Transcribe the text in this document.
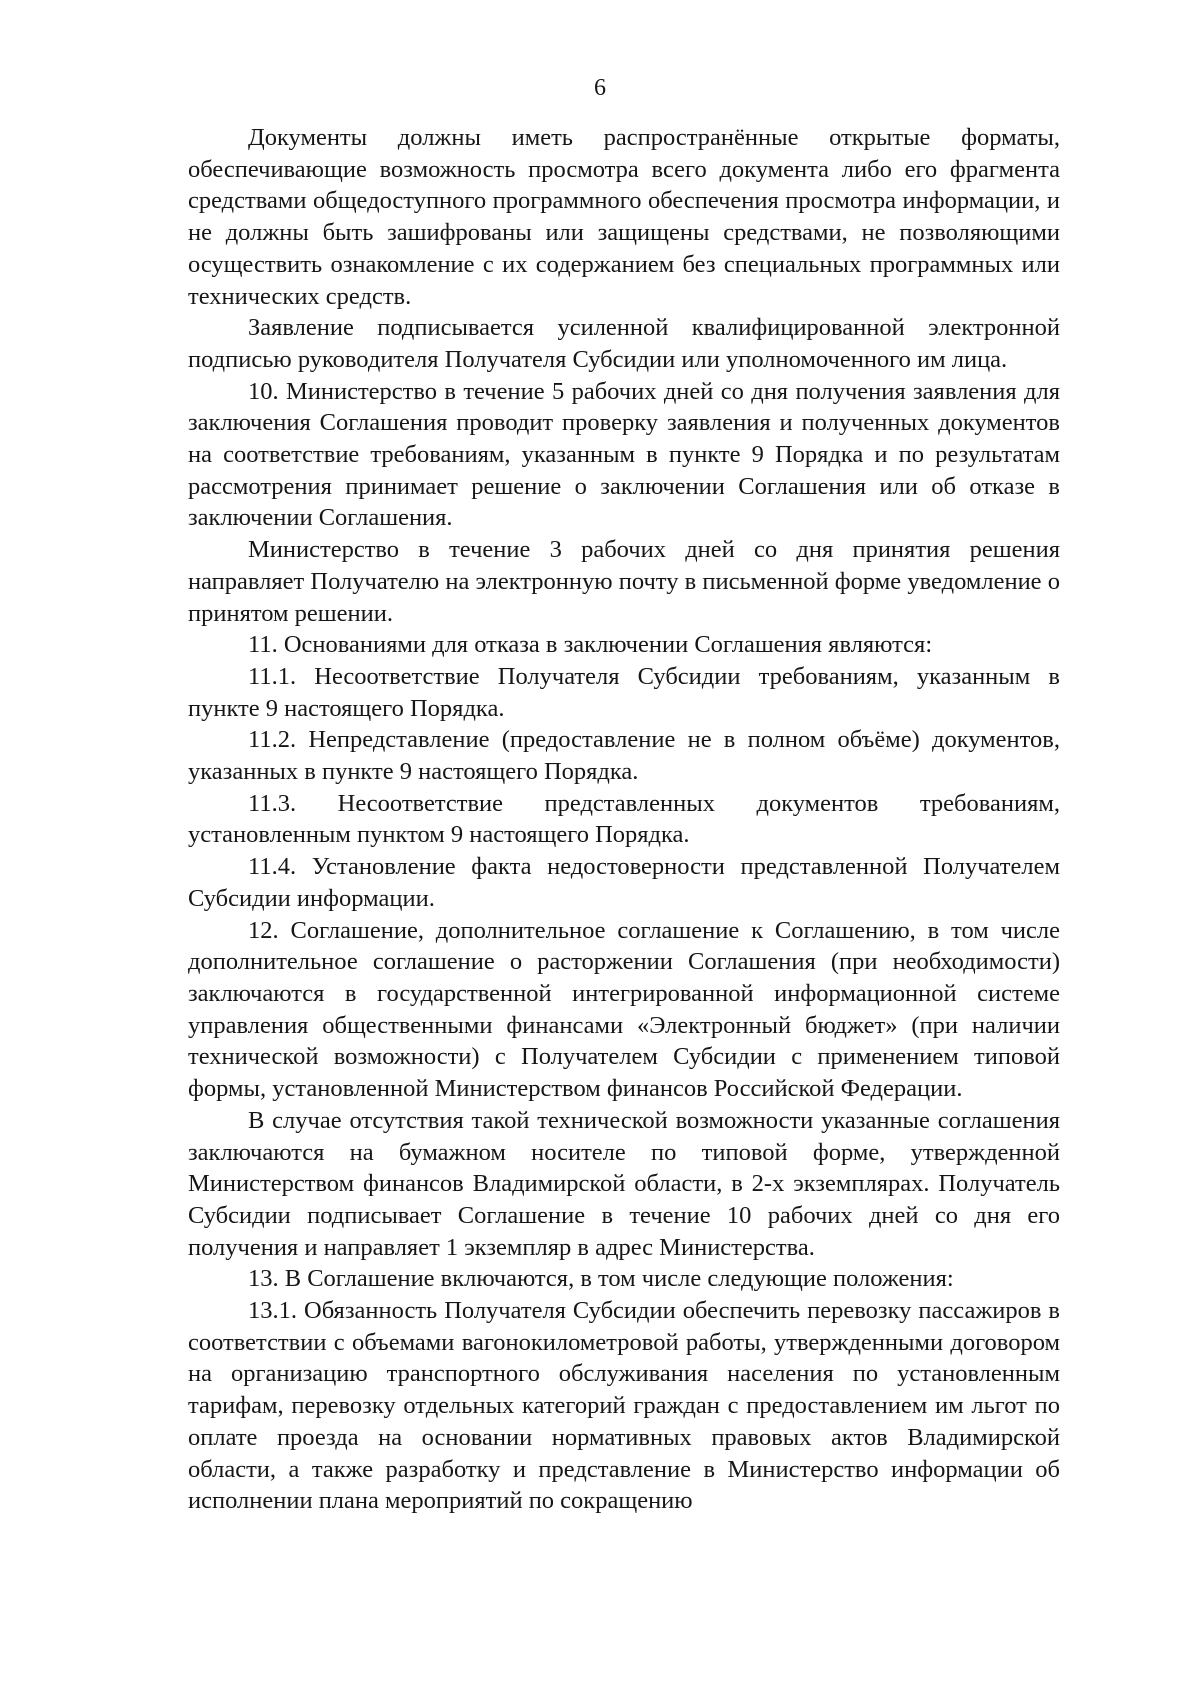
6

Документы должны иметь распространённые открытые форматы, обеспечивающие возможность просмотра всего документа либо его фрагмента средствами общедоступного программного обеспечения просмотра информации, и не должны быть зашифрованы или защищены средствами, не позволяющими осуществить ознакомление с их содержанием без специальных программных или технических средств.

Заявление подписывается усиленной квалифицированной электронной подписью руководителя Получателя Субсидии или уполномоченного им лица.

10. Министерство в течение 5 рабочих дней со дня получения заявления для заключения Соглашения проводит проверку заявления и полученных документов на соответствие требованиям, указанным в пункте 9 Порядка и по результатам рассмотрения принимает решение о заключении Соглашения или об отказе в заключении Соглашения.

Министерство в течение 3 рабочих дней со дня принятия решения направляет Получателю на электронную почту в письменной форме уведомление о принятом решении.

11. Основаниями для отказа в заключении Соглашения являются:

11.1. Несоответствие Получателя Субсидии требованиям, указанным в пункте 9 настоящего Порядка.

11.2. Непредставление (предоставление не в полном объёме) документов, указанных в пункте 9 настоящего Порядка.

11.3. Несоответствие представленных документов требованиям, установленным пунктом 9 настоящего Порядка.

11.4. Установление факта недостоверности представленной Получателем Субсидии информации.

12. Соглашение, дополнительное соглашение к Соглашению, в том числе дополнительное соглашение о расторжении Соглашения (при необходимости) заключаются в государственной интегрированной информационной системе управления общественными финансами «Электронный бюджет» (при наличии технической возможности) с Получателем Субсидии с применением типовой формы, установленной Министерством финансов Российской Федерации.

В случае отсутствия такой технической возможности указанные соглашения заключаются на бумажном носителе по типовой форме, утвержденной Министерством финансов Владимирской области, в 2-х экземплярах. Получатель Субсидии подписывает Соглашение в течение 10 рабочих дней со дня его получения и направляет 1 экземпляр в адрес Министерства.

13. В Соглашение включаются, в том числе следующие положения:

13.1. Обязанность Получателя Субсидии обеспечить перевозку пассажиров в соответствии с объемами вагонокилометровой работы, утвержденными договором на организацию транспортного обслуживания населения по установленным тарифам, перевозку отдельных категорий граждан с предоставлением им льгот по оплате проезда на основании нормативных правовых актов Владимирской области, а также разработку и представление в Министерство информации об исполнении плана мероприятий по сокращению
